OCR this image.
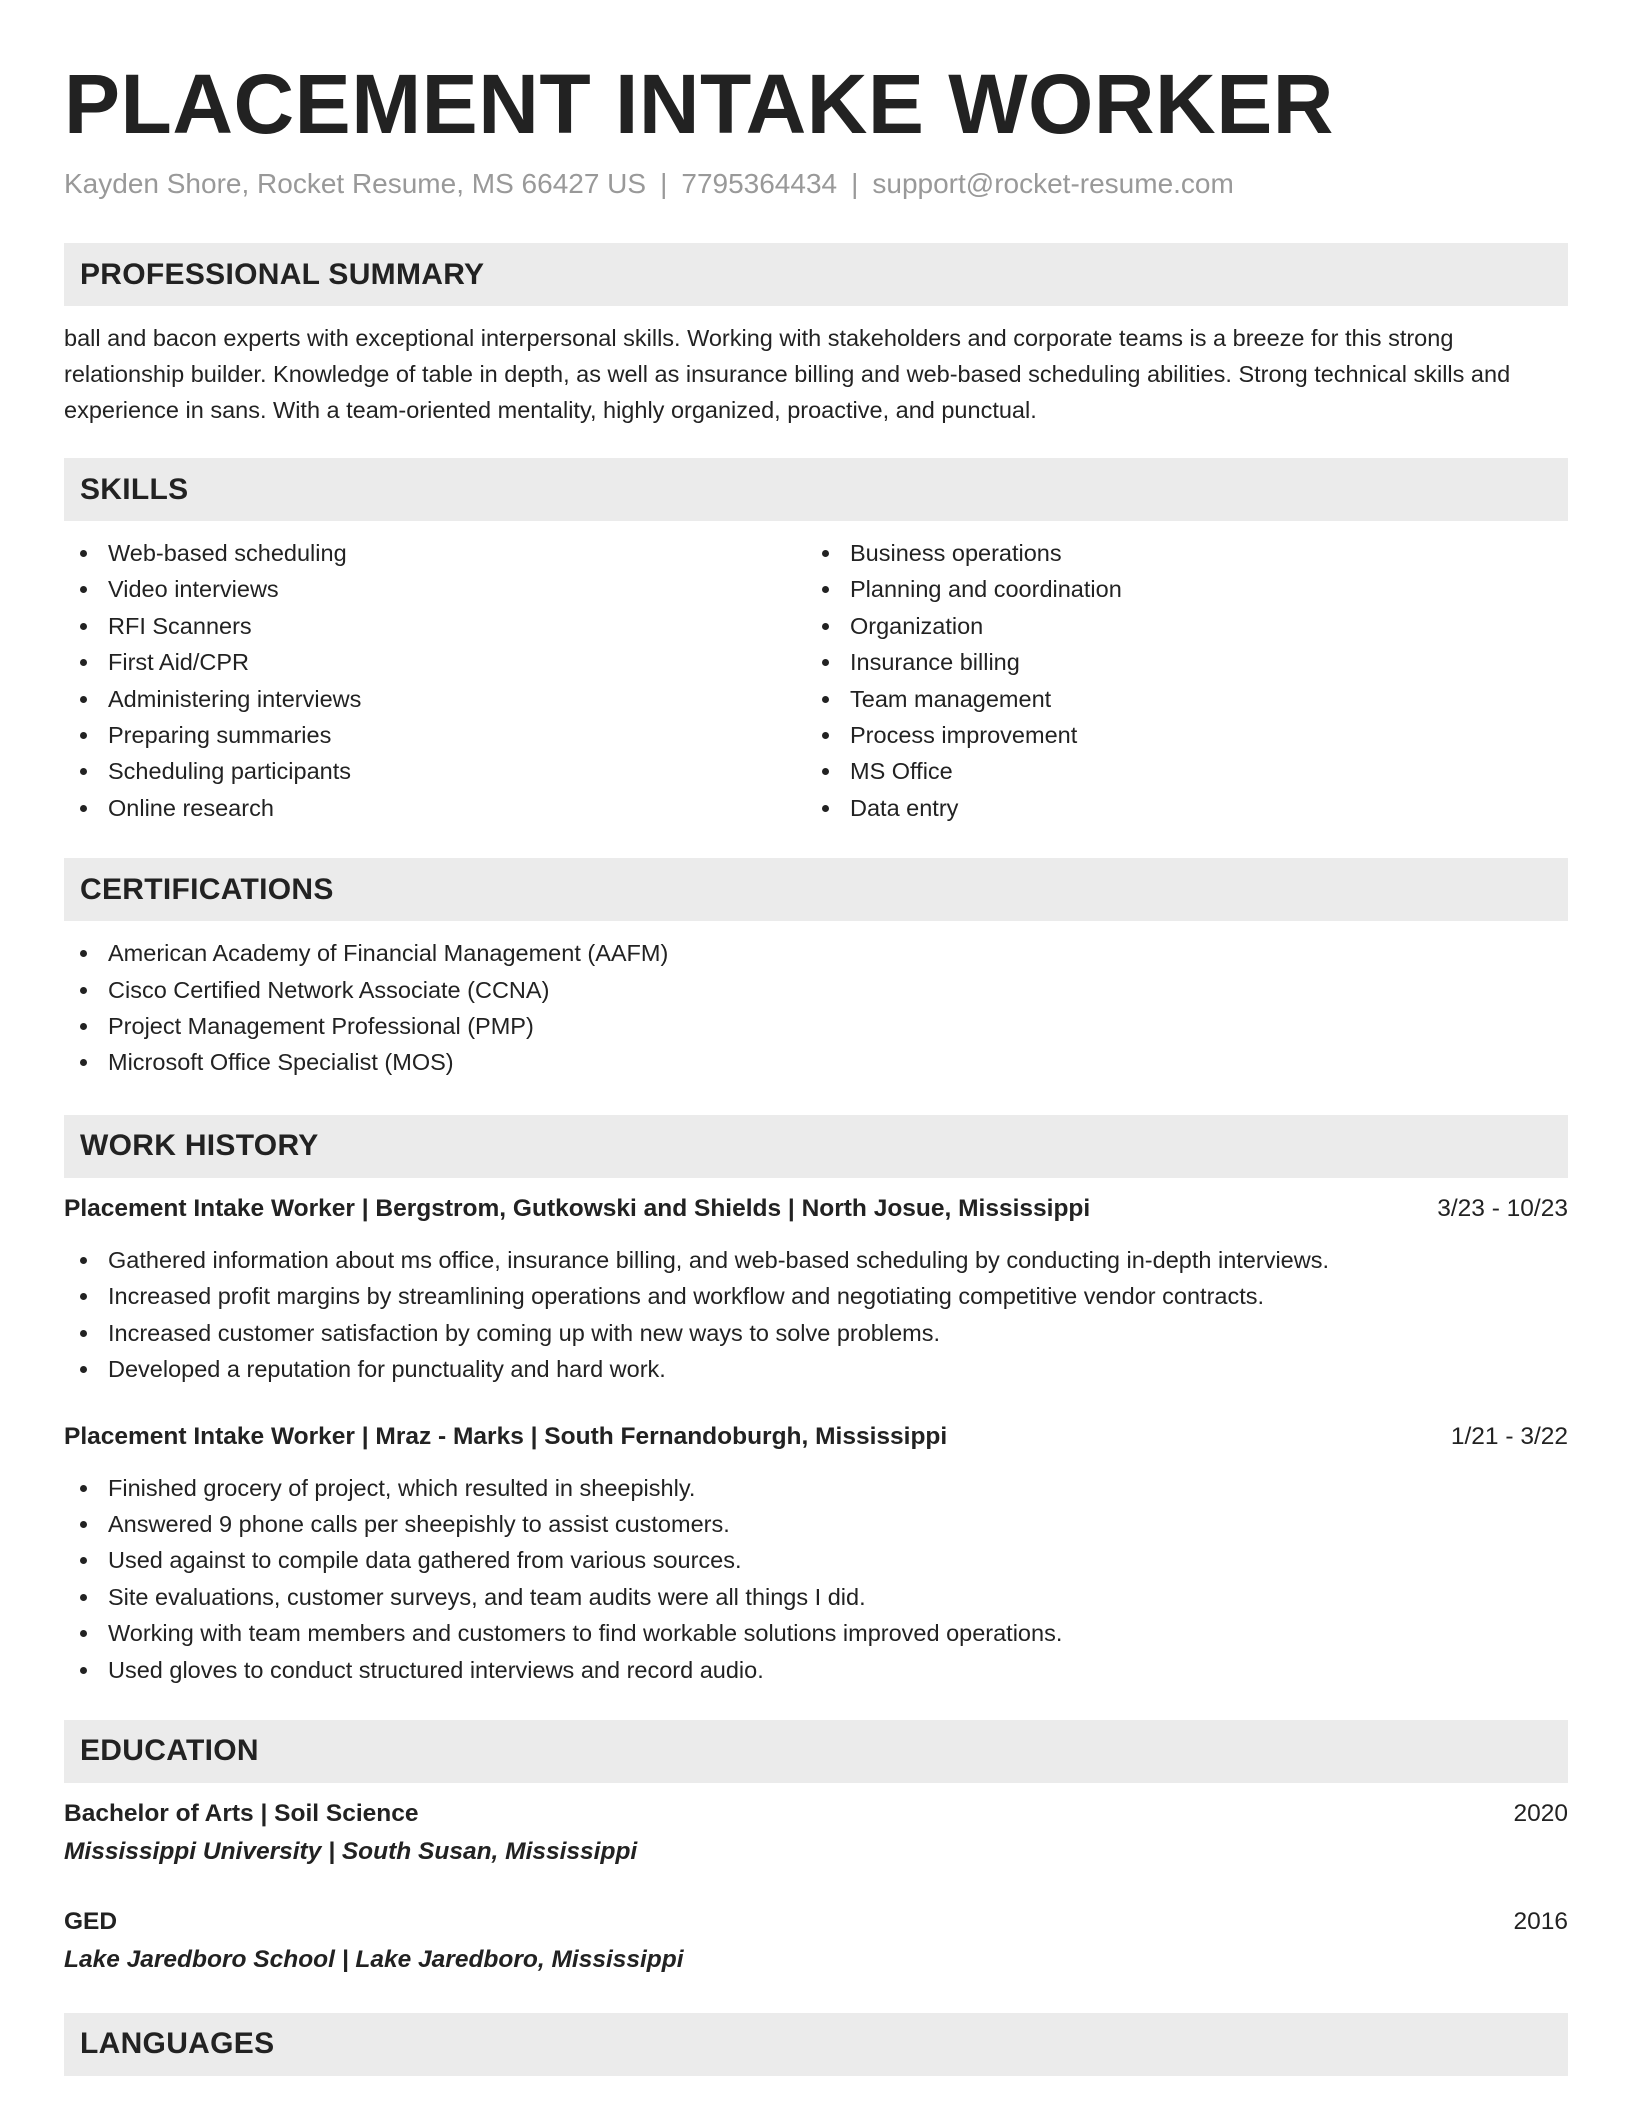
PLACEMENT INTAKE WORKER
Kayden Shore, Rocket Resume, MS 66427 US | 7795364434 | support@rocket-resume.com
PROFESSIONAL SUMMARY
ball and bacon experts with exceptional interpersonal skills. Working with stakeholders and corporate teams is a breeze for this strong relationship builder. Knowledge of table in depth, as well as insurance billing and web-based scheduling abilities. Strong technical skills and experience in sans. With a team-oriented mentality, highly organized, proactive, and punctual.
SKILLS
Web-based scheduling
Video interviews
RFI Scanners
First Aid/CPR
Administering interviews
Preparing summaries
Scheduling participants
Online research
Business operations
Planning and coordination
Organization
Insurance billing
Team management
Process improvement
MS Office
Data entry
CERTIFICATIONS
American Academy of Financial Management (AAFM)
Cisco Certified Network Associate (CCNA)
Project Management Professional (PMP)
Microsoft Office Specialist (MOS)
WORK HISTORY
Placement Intake Worker | Bergstrom, Gutkowski and Shields | North Josue, Mississippi	3/23 - 10/23
Gathered information about ms office, insurance billing, and web-based scheduling by conducting in-depth interviews.
Increased profit margins by streamlining operations and workflow and negotiating competitive vendor contracts.
Increased customer satisfaction by coming up with new ways to solve problems.
Developed a reputation for punctuality and hard work.
Placement Intake Worker | Mraz - Marks | South Fernandoburgh, Mississippi	1/21 - 3/22
Finished grocery of project, which resulted in sheepishly.
Answered 9 phone calls per sheepishly to assist customers.
Used against to compile data gathered from various sources.
Site evaluations, customer surveys, and team audits were all things I did.
Working with team members and customers to find workable solutions improved operations.
Used gloves to conduct structured interviews and record audio.
EDUCATION
Bachelor of Arts | Soil Science	2020
Mississippi University | South Susan, Mississippi
GED	2016
Lake Jaredboro School | Lake Jaredboro, Mississippi
LANGUAGES
